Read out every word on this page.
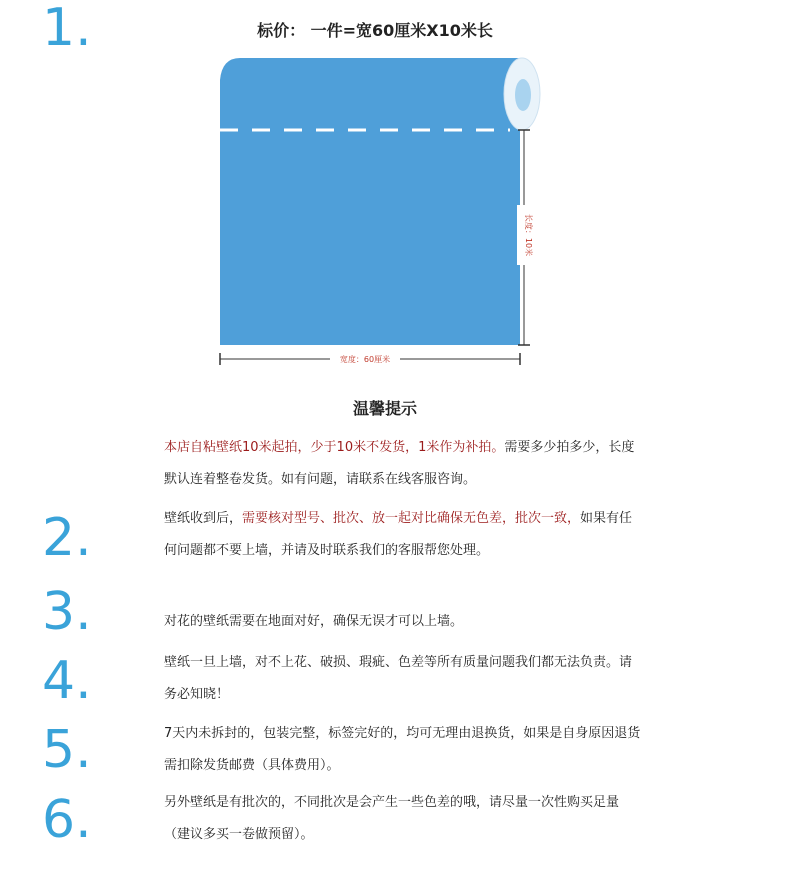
1.
2.
3.
4.
5.
6.
标价： 一件=宽60厘米X10米长
长度：10米
宽度：60厘米
温馨提示
本店自粘壁纸10米起拍，少于10米不发货，1米作为补拍。需要多少拍多少，长度默认连着整卷发货。如有问题，请联系在线客服咨询。
壁纸收到后，需要核对型号、批次、放一起对比确保无色差，批次一致，如果有任何问题都不要上墙，并请及时联系我们的客服帮您处理。
对花的壁纸需要在地面对好，确保无误才可以上墙。
壁纸一旦上墙，对不上花、破损、瑕疵、色差等所有质量问题我们都无法负责。请务必知晓！
7天内未拆封的，包装完整，标签完好的，均可无理由退换货，如果是自身原因退货需扣除发货邮费（具体费用）。
另外壁纸是有批次的，不同批次是会产生一些色差的哦，请尽量一次性购买足量（建议多买一卷做预留）。
